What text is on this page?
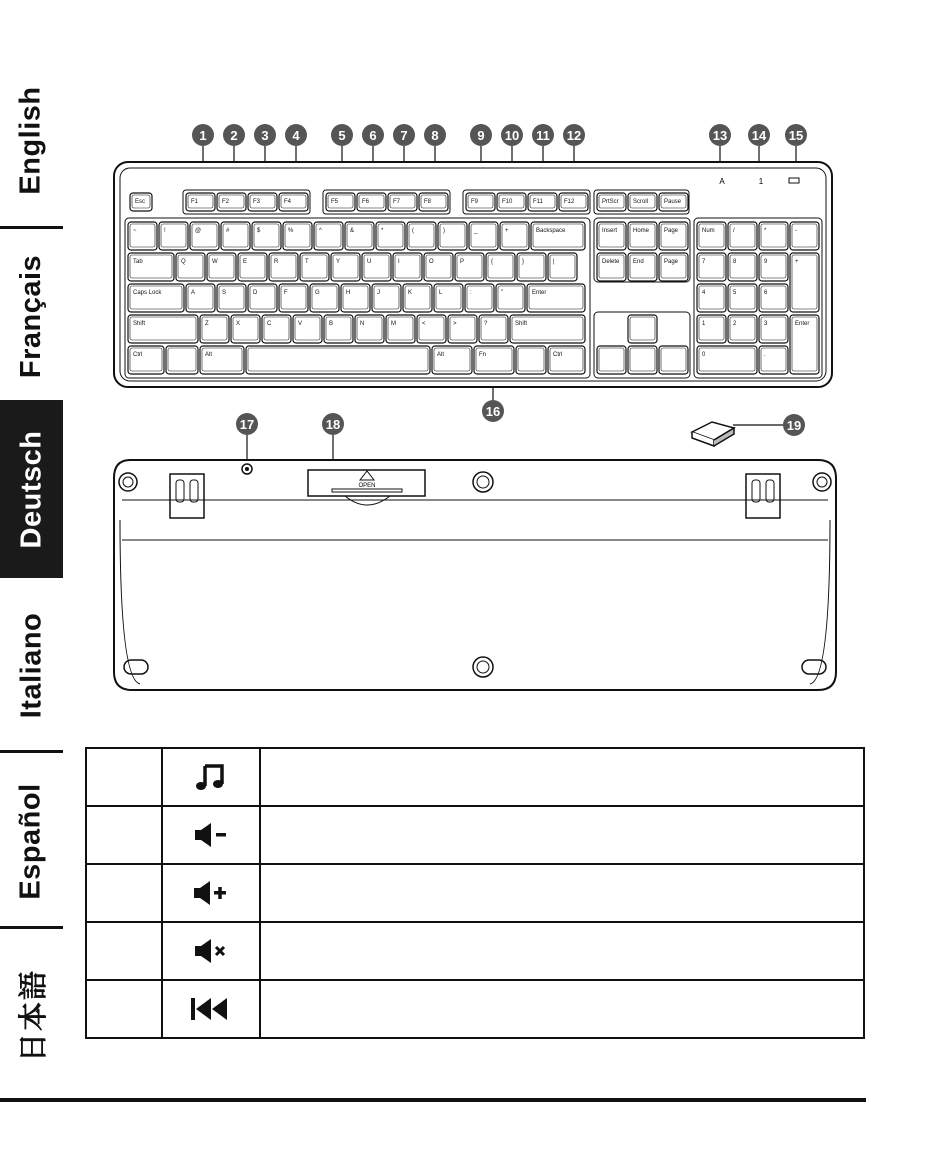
English
Français
Deutsch
Italiano
Español
日本語
Esc	F1	F2	F3	F4	F5	F6	F7	F8	F9	F10	F11	F12	PrtScr Scroll	Pause
~	!	@	#	$	%	^	&	*	(	)	_	+	Backspace
Tab	Q	W	E	R	T	Y	U	I	O	P	{	}	|
Caps Lock	A	S	D	F	G	H	J	K	L	:	"	Enter
Shift	Z	X	C	V	B	N	M	<	>	?	Shift
Ctrl	Alt	Alt	Fn	Ctrl
Insert	Home Page
Delete End	Page
Num	/	*	-
7	8	9
4	5	6
+
1	2	3
0	.
Enter
A	1
OPEN
1 2 3 4	5 6 7 8	9 10 11 12	13 14 15
16
17	18	19
